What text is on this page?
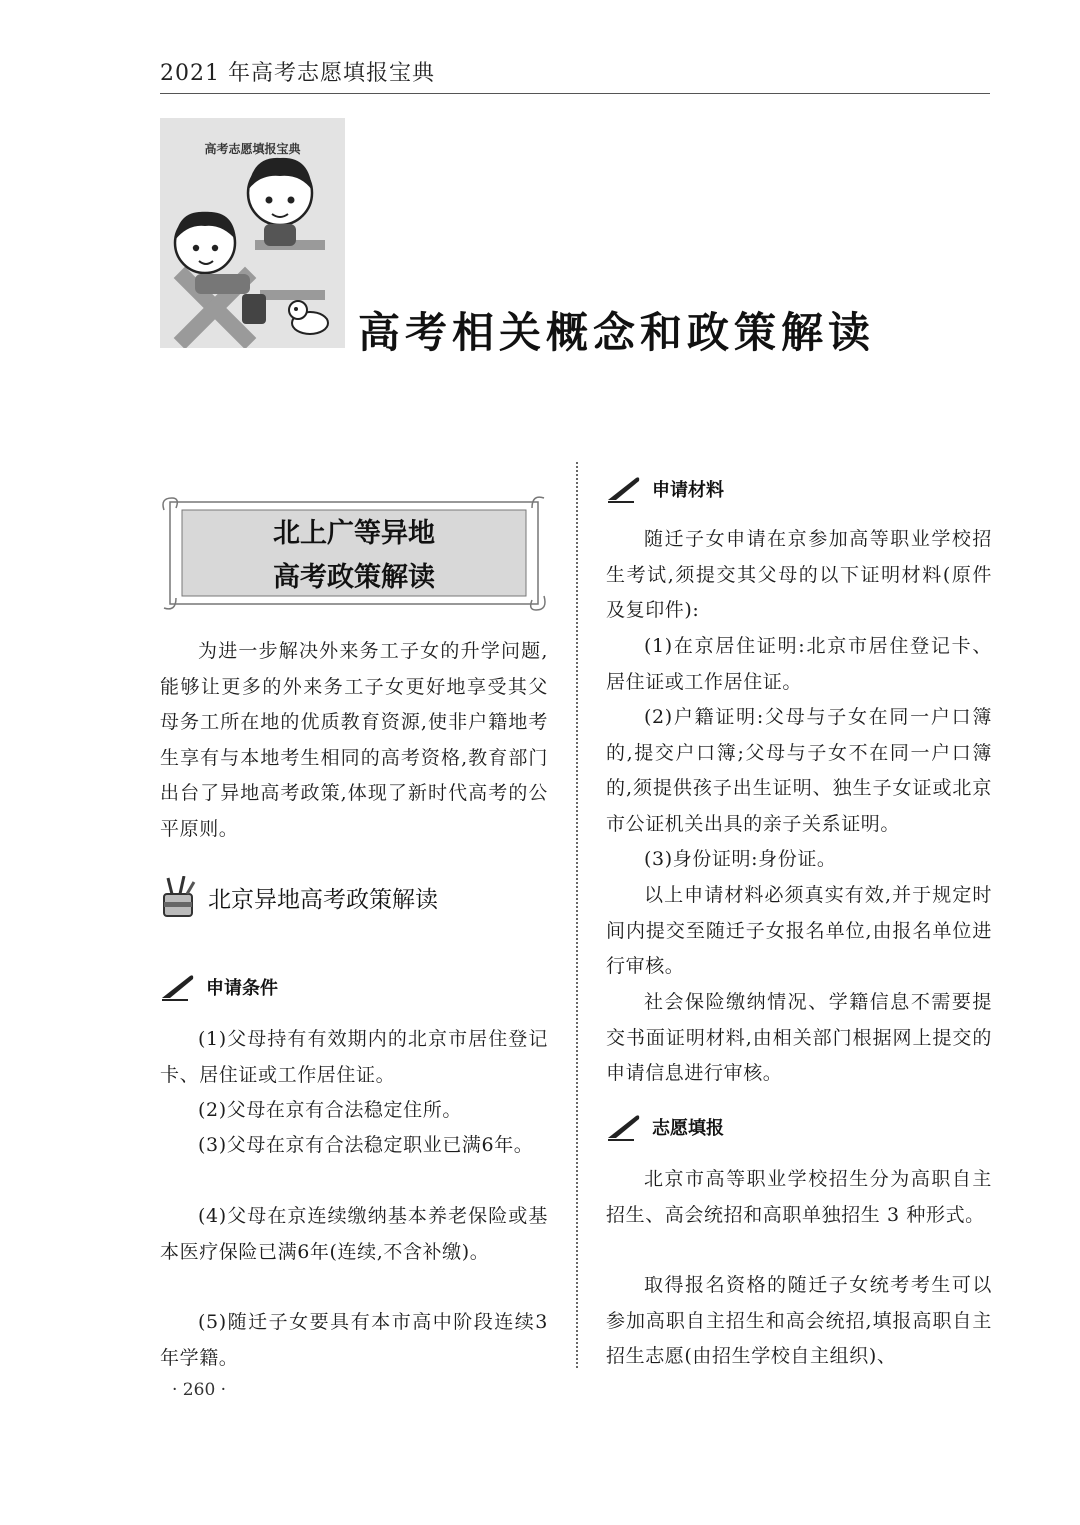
2021 年高考志愿填报宝典
高考志愿填报宝典
高考相关概念和政策解读
北上广等异地
高考政策解读

为进一步解决外来务工子女的升学问题,能够让更多的外来务工子女更好地享受其父母务工所在地的优质教育资源,使非户籍地考生享有与本地考生相同的高考资格,教育部门出台了异地高考政策,体现了新时代高考的公平原则。

北京异地高考政策解读
申请条件

(1)父母持有有效期内的北京市居住登记卡、居住证或工作居住证。

(2)父母在京有合法稳定住所。

(3)父母在京有合法稳定职业已满6年。

(4)父母在京连续缴纳基本养老保险或基本医疗保险已满6年(连续,不含补缴)。

(5)随迁子女要具有本市高中阶段连续3年学籍。

· 260 ·
申请材料

随迁子女申请在京参加高等职业学校招生考试,须提交其父母的以下证明材料(原件及复印件):

(1)在京居住证明:北京市居住登记卡、居住证或工作居住证。

(2)户籍证明:父母与子女在同一户口簿的,提交户口簿;父母与子女不在同一户口簿的,须提供孩子出生证明、独生子女证或北京市公证机关出具的亲子关系证明。

(3)身份证明:身份证。

以上申请材料必须真实有效,并于规定时间内提交至随迁子女报名单位,由报名单位进行审核。

社会保险缴纳情况、学籍信息不需要提交书面证明材料,由相关部门根据网上提交的申请信息进行审核。

志愿填报

北京市高等职业学校招生分为高职自主招生、高会统招和高职单独招生 3 种形式。

取得报名资格的随迁子女统考考生可以参加高职自主招生和高会统招,填报高职自主招生志愿(由招生学校自主组织)、
